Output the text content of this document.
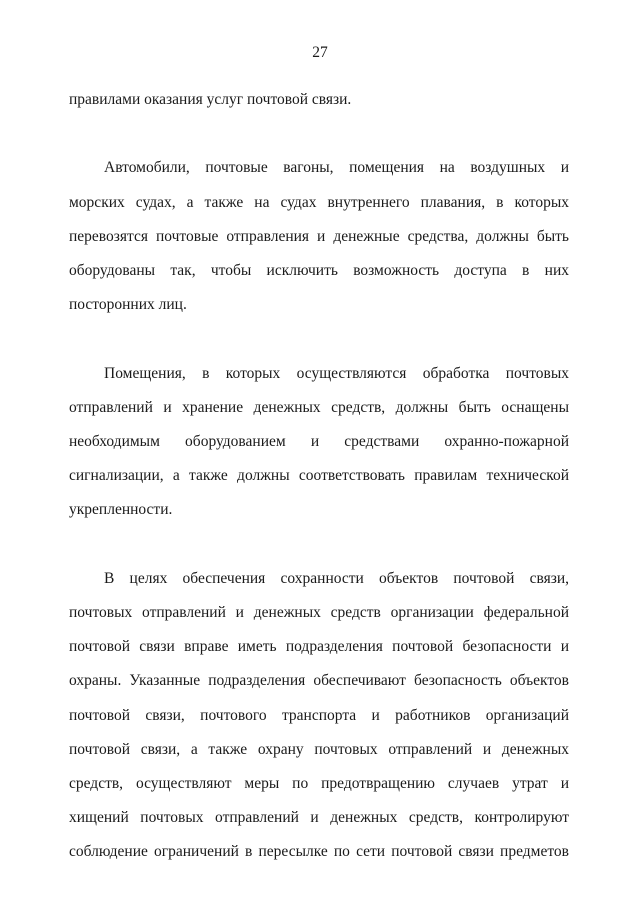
27
правилами оказания услуг почтовой связи.
Автомобили, почтовые вагоны, помещения на воздушных и
морских судах, а также на судах внутреннего плавания, в которых
перевозятся почтовые отправления и денежные средства, должны быть
оборудованы так, чтобы исключить возможность доступа в них
посторонних лиц.
Помещения, в которых осуществляются обработка почтовых
отправлений и хранение денежных средств, должны быть оснащены
необходимым оборудованием и средствами охранно-пожарной
сигнализации, а также должны соответствовать правилам технической
укрепленности.
В целях обеспечения сохранности объектов почтовой связи,
почтовых отправлений и денежных средств организации федеральной
почтовой связи вправе иметь подразделения почтовой безопасности и
охраны. Указанные подразделения обеспечивают безопасность объектов
почтовой связи, почтового транспорта и работников организаций
почтовой связи, а также охрану почтовых отправлений и денежных
средств, осуществляют меры по предотвращению случаев утрат и
хищений почтовых отправлений и денежных средств, контролируют
соблюдение ограничений в пересылке по сети почтовой связи предметов
